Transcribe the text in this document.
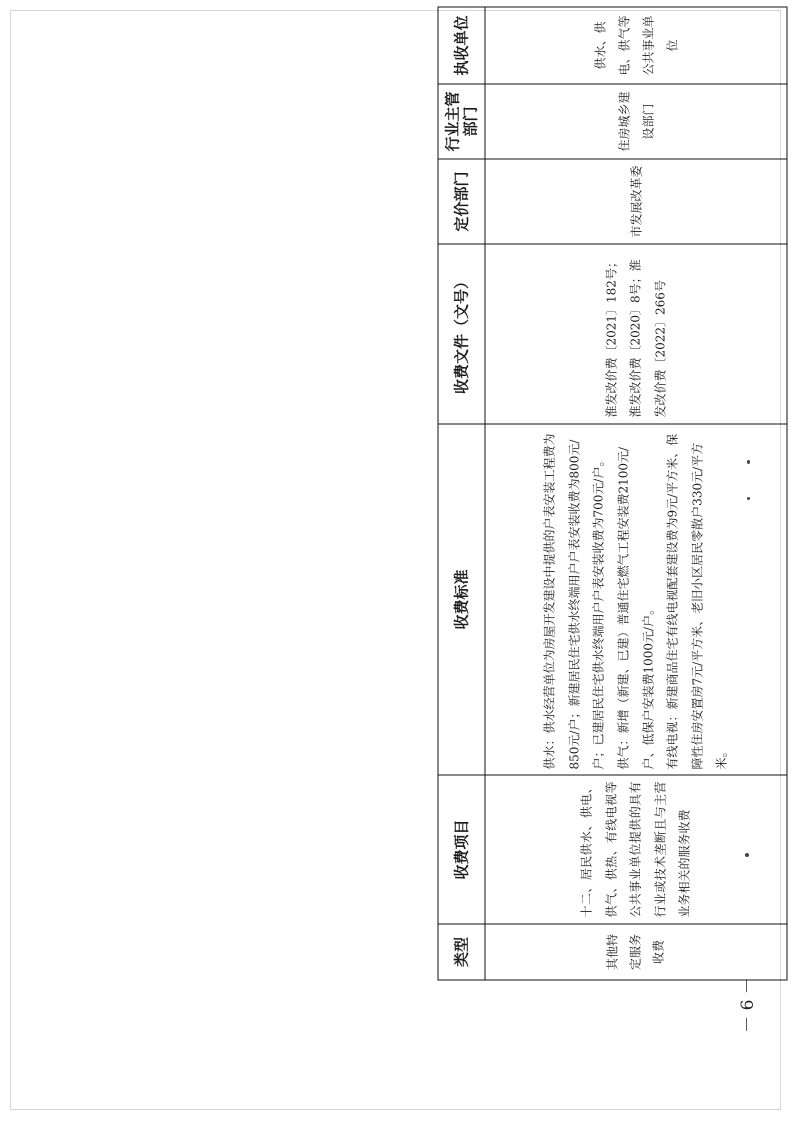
类型	收费项目	收费标准	收费文件（文号）	定价部门	行业主管部门	执收单位
其他特定服务收费	十二、居民供水、供电、供气、供热、有线电视等公共事业单位提供的具有行业或技术垄断且与主营业务相关的服务收费	供水：供水经营单位为房屋开发建设中提供的户表安装工程费为850元/户；新建居民住宅供水终端用户户表安装收费为800元/户；已建居民住宅供水终端用户户表安装收费为700元/户。 供气：新增（新建、已建）普通住宅燃气工程安装费2100元/户、低保户安装费1000元/户。 有线电视：新建商品住宅有线电视配套建设费为9元/平方米、保障性住房安置房7元/平方米、老旧小区居民零散户330元/平方米。	淮发改价费〔2021〕182号；淮发改价费〔2020〕8号；淮发改价费〔2022〕266号	市发展改革委	住房城乡建设部门	供水、供电、供气等公共事业单位
－ 6 －
